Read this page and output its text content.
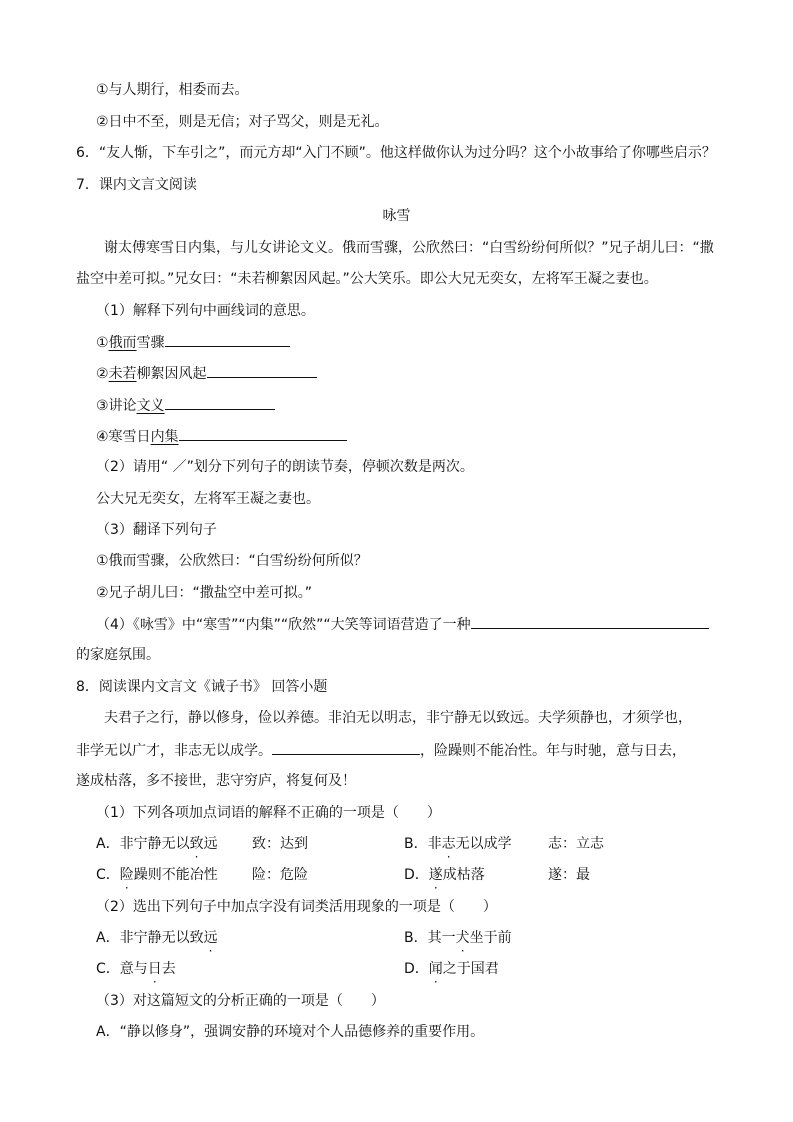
①与人期行，相委而去。
②日中不至，则是无信；对子骂父，则是无礼。
6．“友人惭，下车引之”，而元方却“入门不顾”。他这样做你认为过分吗？这个小故事给了你哪些启示？
7．课内文言文阅读
咏雪
谢太傅寒雪日内集，与儿女讲论文义。俄而雪骤，公欣然曰：“白雪纷纷何所似？”兄子胡儿曰：“撒
盐空中差可拟。”兄女曰：“未若柳絮因风起。”公大笑乐。即公大兄无奕女，左将军王凝之妻也。
（1）解释下列句中画线词的意思。
①俄而雪骤
②未若柳絮因风起
③讲论文义
④寒雪日内集
（2）请用“ ／”划分下列句子的朗读节奏，停顿次数是两次。
公大兄无奕女，左将军王凝之妻也。
（3）翻译下列句子
①俄而雪骤，公欣然曰：“白雪纷纷何所似？
②兄子胡儿曰：“撒盐空中差可拟。”
（4）《咏雪》中“寒雪”“内集”“欣然”“大笑等词语营造了一种
的家庭氛围。
8．阅读课内文言文《诫子书》 回答小题
夫君子之行，静以修身，俭以养德。非泊无以明志，非宁静无以致远。夫学须静也，才须学也，
非学无以广才，非志无以成学。	，险躁则不能冶性。年与时驰，意与日去，
遂成枯落，多不接世，悲守穷庐，将复何及！
（1）下列各项加点词语的解释不正确的一项是（　　）
A．非宁静无以致远 致：达到	B．非志无以成学	志：立志
C．险躁则不能冶性 险：危险	D．遂成枯落	遂：最
（2）选出下列句子中加点字没有词类活用现象的一项是（　　）
A．非宁静无以致远	B．其一犬坐于前
C．意与日去	D．闻之于国君
（3）对这篇短文的分析正确的一项是（　　）
A．“静以修身”，强调安静的环境对个人品德修养的重要作用。
